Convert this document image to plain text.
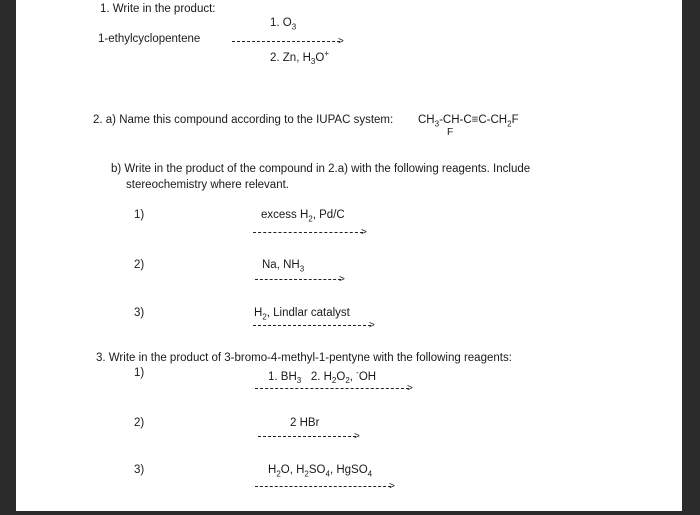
1. Write in the product:
1-ethylcyclopentene
1. $O_3$
>
2. Zn, $H_3O^+$
2. a) Name this compound according to the IUPAC system: $CH_3-CH-C\equiv C-CH_2F$
F
b) Write in the product of the compound in 2.a) with the following reagents. Include
stereochemistry where relevant.
1)	excess $H_2$, Pd/C
>
2)	Na, $NH_3$
>
3)	$H_2$, Lindlar catalyst
>
3. Write in the product of 3-bromo-4-methyl-1-pentyne with the following reagents:
1)	1. $BH_3$ 2. $H_2O_2$, -OH
>
2)	2 HBr
>
3)	$H_2O$, $H_2SO_4$, HgSO$_4$
>
